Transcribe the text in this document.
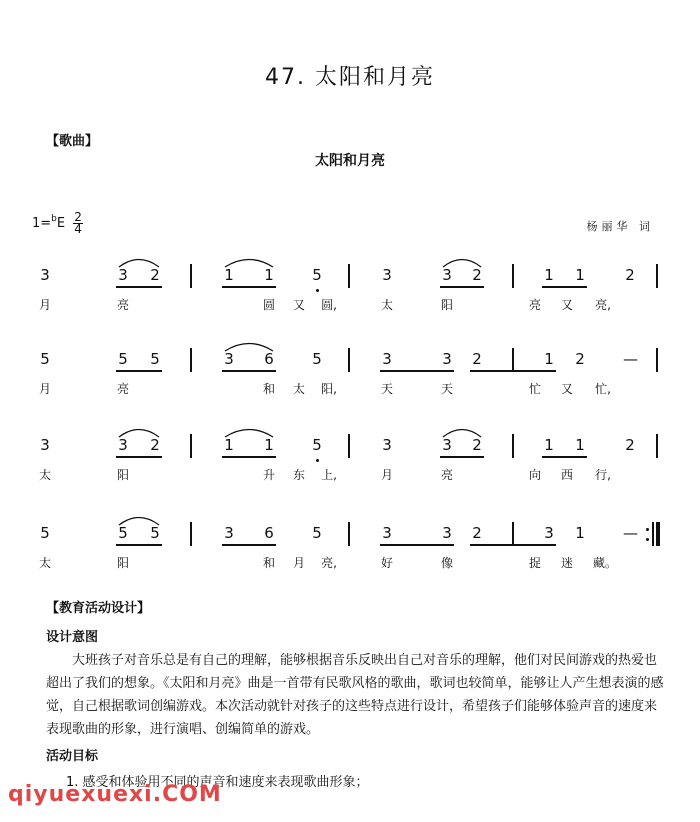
47. 太阳和月亮
【歌曲】
太阳和月亮
$1=^bE \frac{2}{4}$	杨丽华 词
3	3 2	1 1	5	3	3 2	1 1	2
月	亮	圆	又	圆,	太	阳	亮	又	亮,
5	5 5	3 6	5	3	3 2	1 2	—
月	亮	和	太	阳,	天	天	忙	又	忙,
3	3 2	1 1	5	3	3 2	1 1	2
太	阳	升	东	上,	月	亮	向	西	行,
5	5 5	3 6	5	3	3 2	3 1	—
太	阳	和	月	亮,	好	像	捉	迷	藏。
【教育活动设计】
设计意图
大班孩子对音乐总是有自己的理解，能够根据音乐反映出自己对音乐的理解，他们对民间游戏的热爱也超出了我们的想象。《太阳和月亮》曲是一首带有民歌风格的歌曲，歌词也较简单，能够让人产生想表演的感觉，自己根据歌词创编游戏。本次活动就针对孩子的这些特点进行设计，希望孩子们能够体验声音的速度来表现歌曲的形象，进行演唱、创编简单的游戏。
活动目标
1. 感受和体验用不同的声音和速度来表现歌曲形象；
qiyuexuexi.COM
